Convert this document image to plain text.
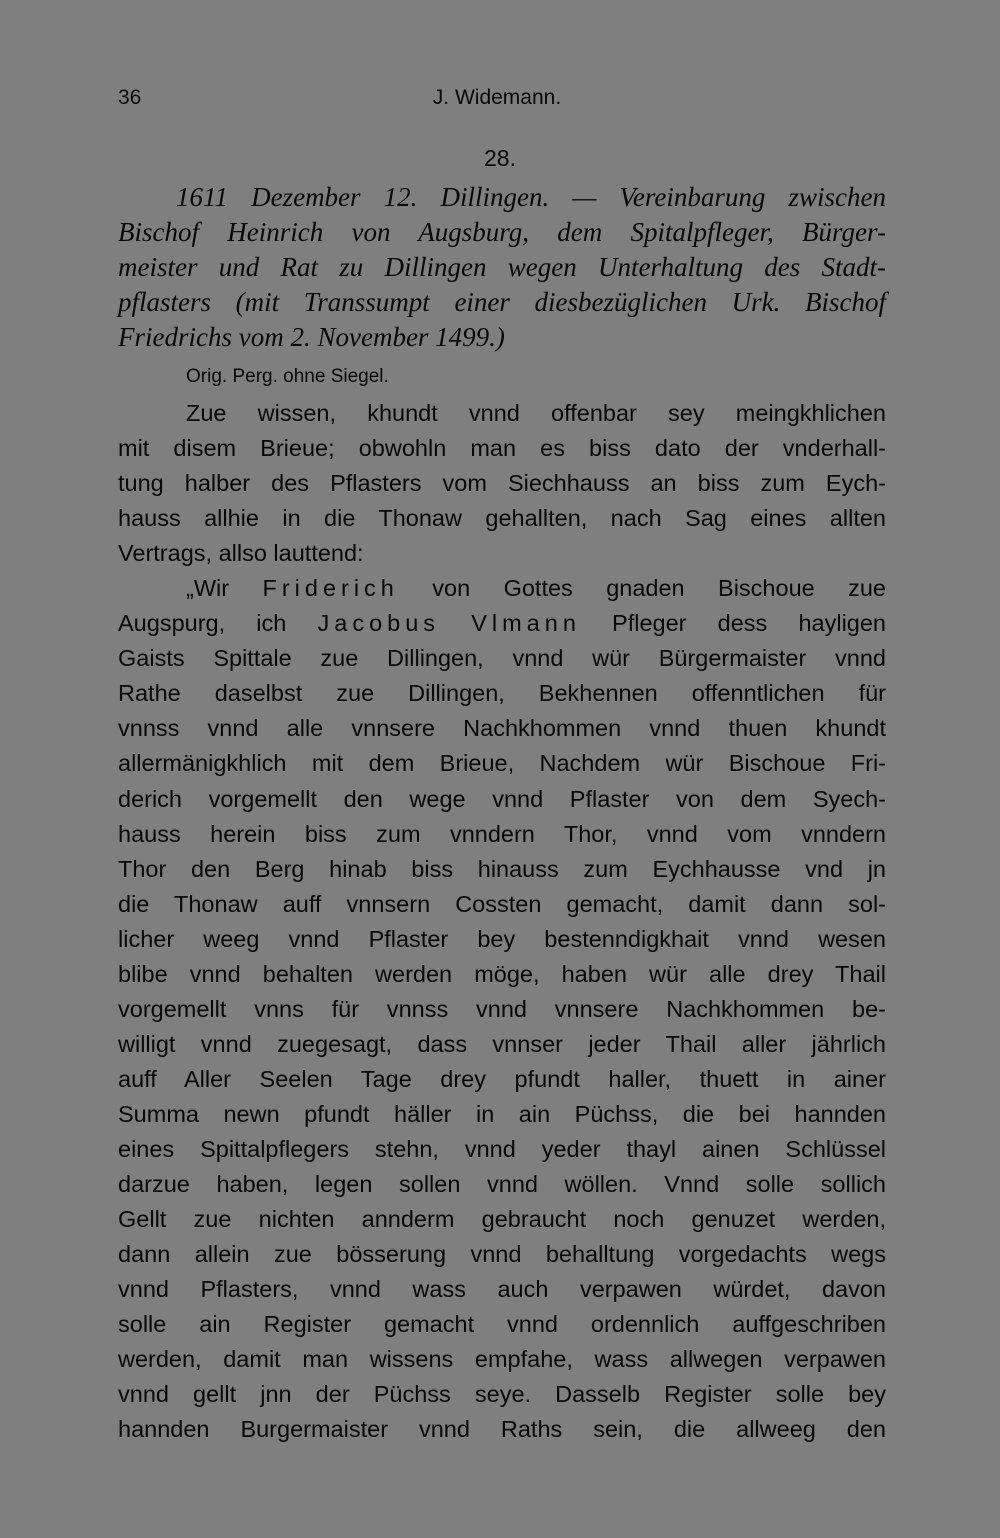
36	J. Widemann.
28.
1611 Dezember 12. Dillingen. — Vereinbarung zwischen
Bischof Heinrich von Augsburg, dem Spitalpfleger, Bürger-
meister und Rat zu Dillingen wegen Unterhaltung des Stadt-
pflasters (mit Transsumpt einer diesbezüglichen Urk. Bischof
Friedrichs vom 2. November 1499.)
Orig. Perg. ohne Siegel.
Zue wissen, khundt vnnd offenbar sey meingkhlichen
mit disem Brieue; obwohln man es biss dato der vnderhall-
tung halber des Pflasters vom Siechhauss an biss zum Eych-
hauss allhie in die Thonaw gehallten, nach Sag eines allten
Vertrags, allso lauttend:
„Wir Friderich von Gottes gnaden Bischoue zue
Augspurg, ich Jacobus Vlmann Pfleger dess hayligen
Gaists Spittale zue Dillingen, vnnd wür Bürgermaister vnnd
Rathe daselbst zue Dillingen, Bekhennen offenntlichen für
vnnss vnnd alle vnnsere Nachkhommen vnnd thuen khundt
allermänigkhlich mit dem Brieue, Nachdem wür Bischoue Fri-
derich vorgemellt den wege vnnd Pflaster von dem Syech-
hauss herein biss zum vnndern Thor, vnnd vom vnndern
Thor den Berg hinab biss hinauss zum Eychhausse vnd jn
die Thonaw auff vnnsern Cossten gemacht, damit dann sol-
licher weeg vnnd Pflaster bey bestenndigkhait vnnd wesen
blibe vnnd behalten werden möge, haben wür alle drey Thail
vorgemellt vnns für vnnss vnnd vnnsere Nachkhommen be-
willigt vnnd zuegesagt, dass vnnser jeder Thail aller jährlich
auff Aller Seelen Tage drey pfundt haller, thuett in ainer
Summa newn pfundt häller in ain Püchss, die bei hannden
eines Spittalpflegers stehn, vnnd yeder thayl ainen Schlüssel
darzue haben, legen sollen vnnd wöllen. Vnnd solle sollich
Gellt zue nichten annderm gebraucht noch genuzet werden,
dann allein zue bösserung vnnd behalltung vorgedachts wegs
vnnd Pflasters, vnnd wass auch verpawen würdet, davon
solle ain Register gemacht vnnd ordennlich auffgeschriben
werden, damit man wissens empfahe, wass allwegen verpawen
vnnd gellt jnn der Püchss seye. Dasselb Register solle bey
hannden Burgermaister vnnd Raths sein, die allweeg den
